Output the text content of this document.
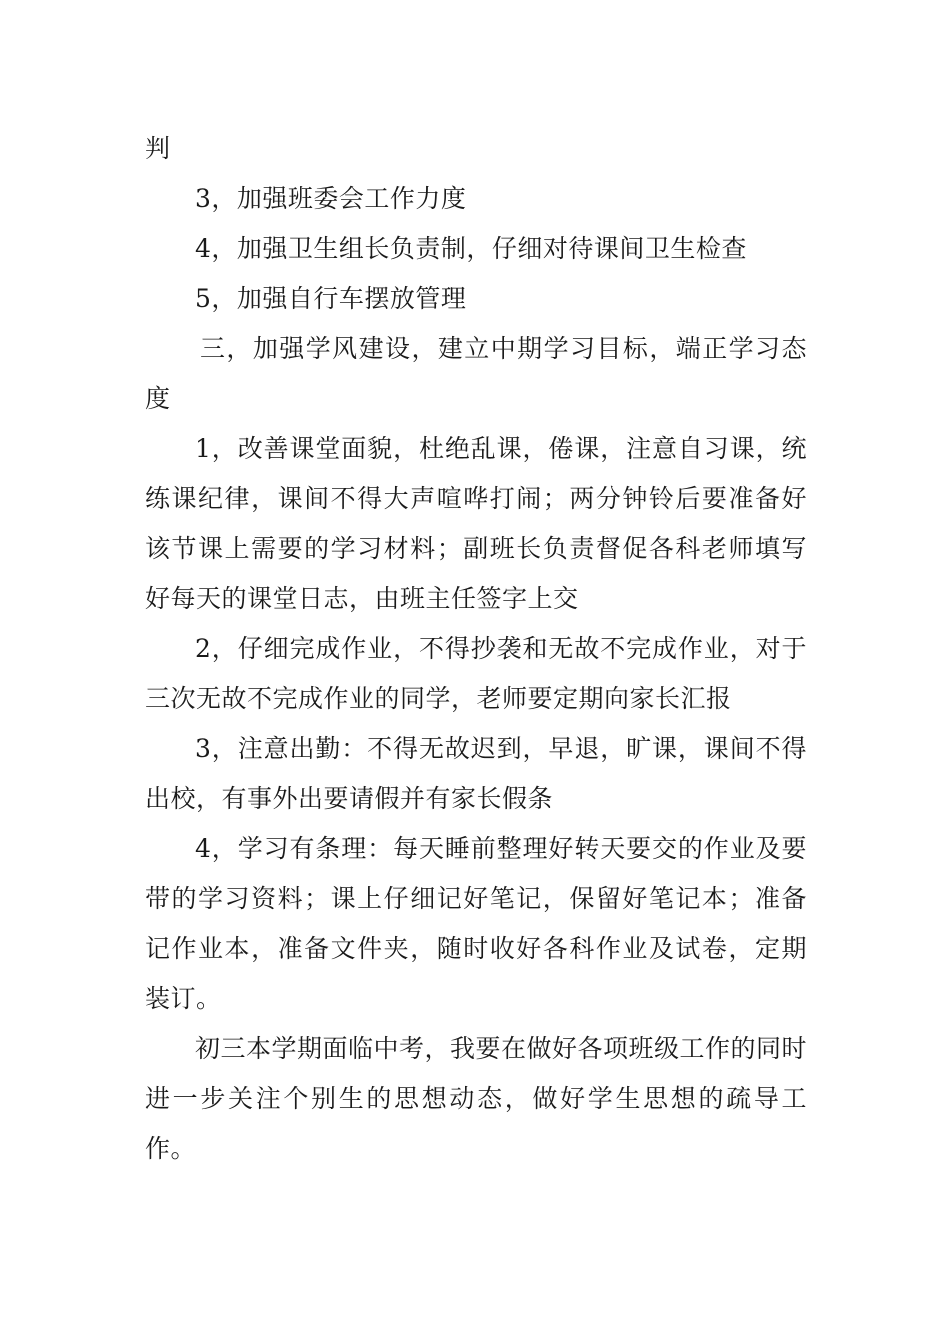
判

3，加强班委会工作力度

4，加强卫生组长负责制，仔细对待课间卫生检查

5，加强自行车摆放管理

三，加强学风建设，建立中期学习目标，端正学习态度

1，改善课堂面貌，杜绝乱课，倦课，注意自习课，统练课纪律，课间不得大声喧哗打闹；两分钟铃后要准备好该节课上需要的学习材料；副班长负责督促各科老师填写好每天的课堂日志，由班主任签字上交

2，仔细完成作业，不得抄袭和无故不完成作业，对于三次无故不完成作业的同学，老师要定期向家长汇报

3，注意出勤：不得无故迟到，早退，旷课，课间不得出校，有事外出要请假并有家长假条

4，学习有条理：每天睡前整理好转天要交的作业及要带的学习资料；课上仔细记好笔记，保留好笔记本；准备记作业本，准备文件夹，随时收好各科作业及试卷，定期装订。

初三本学期面临中考，我要在做好各项班级工作的同时进一步关注个别生的思想动态，做好学生思想的疏导工作。
